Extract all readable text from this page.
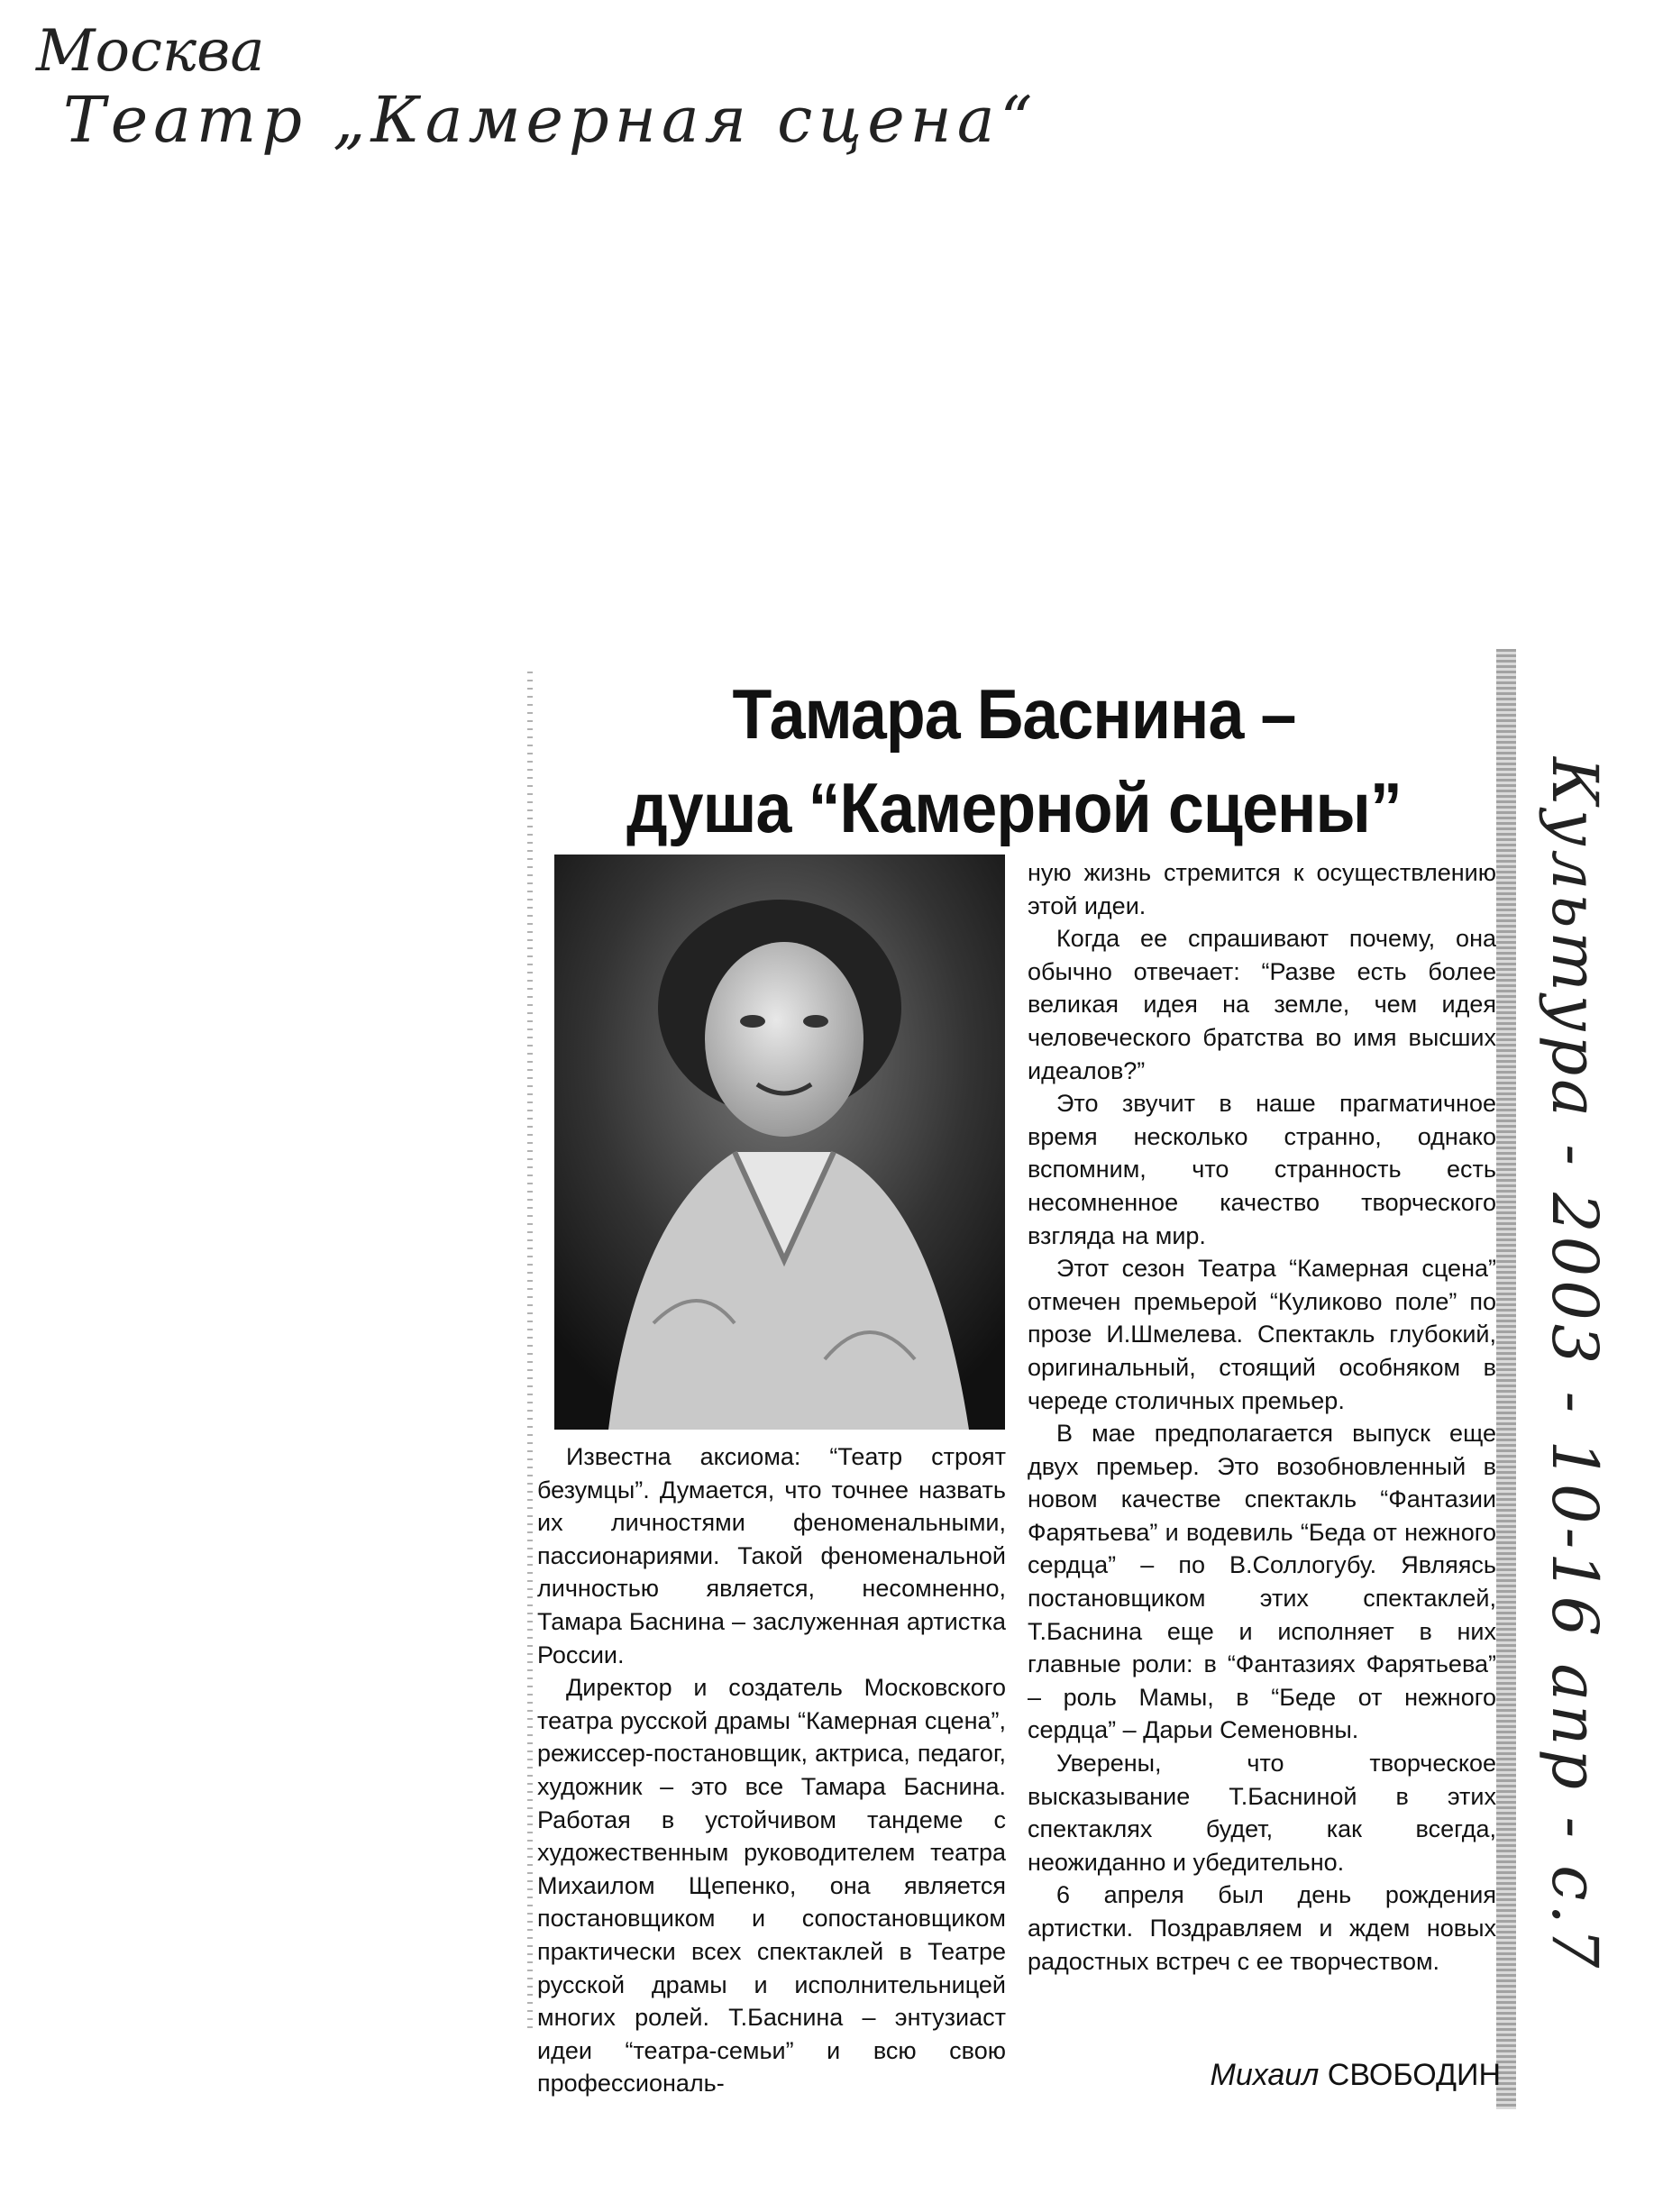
Москва
Театр „Камерная сцена“
Культура - 2003 - 10-16 апр - с.7
Тамара Баснина –
душа “Камерной сцены”

Известна аксиома: “Театр строят безумцы”. Думается, что точнее назвать их личностями феноменальными, пассионариями. Такой феноменальной личностью является, несомненно, Тамара Баснина – заслуженная артистка России.

Директор и создатель Московского театра русской драмы “Камерная сцена”, режиссер-постановщик, актриса, педагог, художник – это все Тамара Баснина. Работая в устойчивом тандеме с художественным руководителем театра Михаилом Щепенко, она является постановщиком и сопостановщиком практически всех спектаклей в Театре русской драмы и исполнительницей многих ролей. Т.Баснина – энтузиаст идеи “театра-семьи” и всю свою профессиональ-

ную жизнь стремится к осуществлению этой идеи.

Когда ее спрашивают почему, она обычно отвечает: “Разве есть более великая идея на земле, чем идея человеческого братства во имя высших идеалов?”

Это звучит в наше прагматичное время несколько странно, однако вспомним, что странность есть несомненное качество творческого взгляда на мир.

Этот сезон Театра “Камерная сцена” отмечен премьерой “Куликово поле” по прозе И.Шмелева. Спектакль глубокий, оригинальный, стоящий особняком в череде столичных премьер.

В мае предполагается выпуск еще двух премьер. Это возобновленный в новом качестве спектакль “Фантазии Фарятьева” и водевиль “Беда от нежного сердца” – по В.Соллогубу. Являясь постановщиком этих спектаклей, Т.Баснина еще и исполняет в них главные роли: в “Фантазиях Фарятьева” – роль Мамы, в “Беде от нежного сердца” – Дарьи Семеновны.

Уверены, что творческое высказывание Т.Басниной в этих спектаклях будет, как всегда, неожиданно и убедительно.

6 апреля был день рождения артистки. Поздравляем и ждем новых радостных встреч с ее творчеством.

Михаил СВОБОДИН
